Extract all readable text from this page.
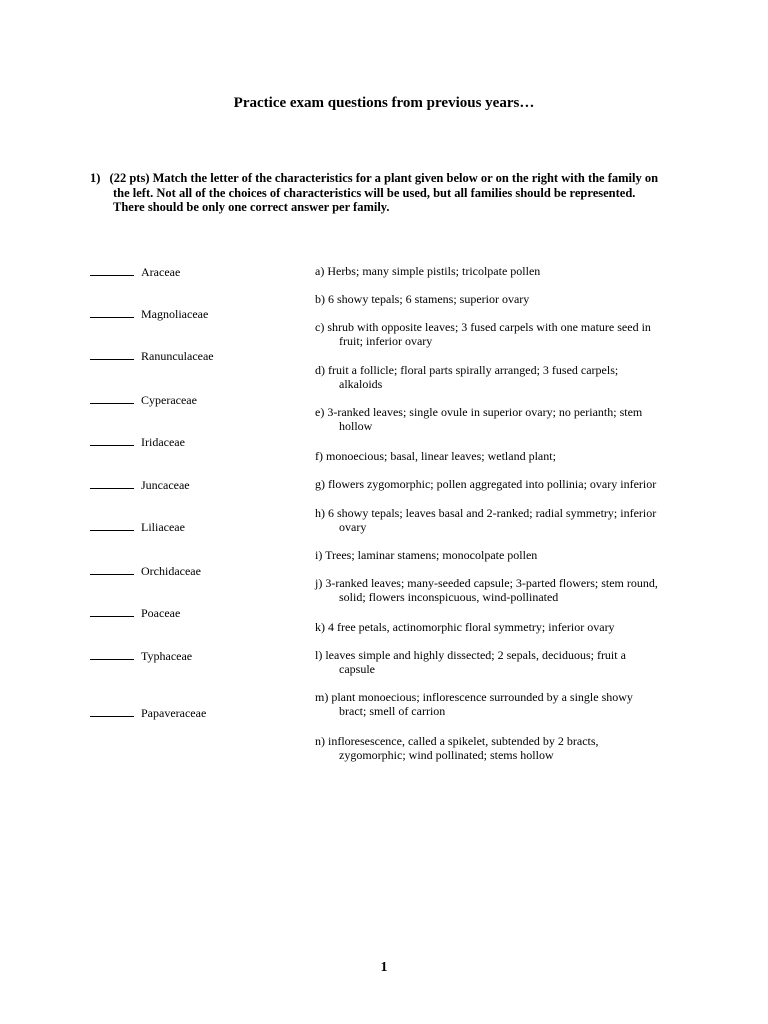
Practice exam questions from previous years…
1) (22 pts) Match the letter of the characteristics for a plant given below or on the right with the family on
the left. Not all of the choices of characteristics will be used, but all families should be represented.
There should be only one correct answer per family.
Araceae
Magnoliaceae
Ranunculaceae
Cyperaceae
Iridaceae
Juncaceae
Liliaceae
Orchidaceae
Poaceae
Typhaceae
Papaveraceae
a) Herbs; many simple pistils; tricolpate pollen
b) 6 showy tepals; 6 stamens; superior ovary
c) shrub with opposite leaves; 3 fused carpels with one mature seed in
fruit; inferior ovary
d) fruit a follicle; floral parts spirally arranged; 3 fused carpels;
alkaloids
e) 3-ranked leaves; single ovule in superior ovary; no perianth; stem
hollow
f) monoecious; basal, linear leaves; wetland plant;
g) flowers zygomorphic; pollen aggregated into pollinia; ovary inferior
h) 6 showy tepals; leaves basal and 2-ranked; radial symmetry; inferior
ovary
i) Trees; laminar stamens; monocolpate pollen
j) 3-ranked leaves; many-seeded capsule; 3-parted flowers; stem round,
solid; flowers inconspicuous, wind-pollinated
k) 4 free petals, actinomorphic floral symmetry; inferior ovary
l) leaves simple and highly dissected; 2 sepals, deciduous; fruit a
capsule
m) plant monoecious; inflorescence surrounded by a single showy
bract; smell of carrion
n) infloresescence, called a spikelet, subtended by 2 bracts,
zygomorphic; wind pollinated; stems hollow
1
